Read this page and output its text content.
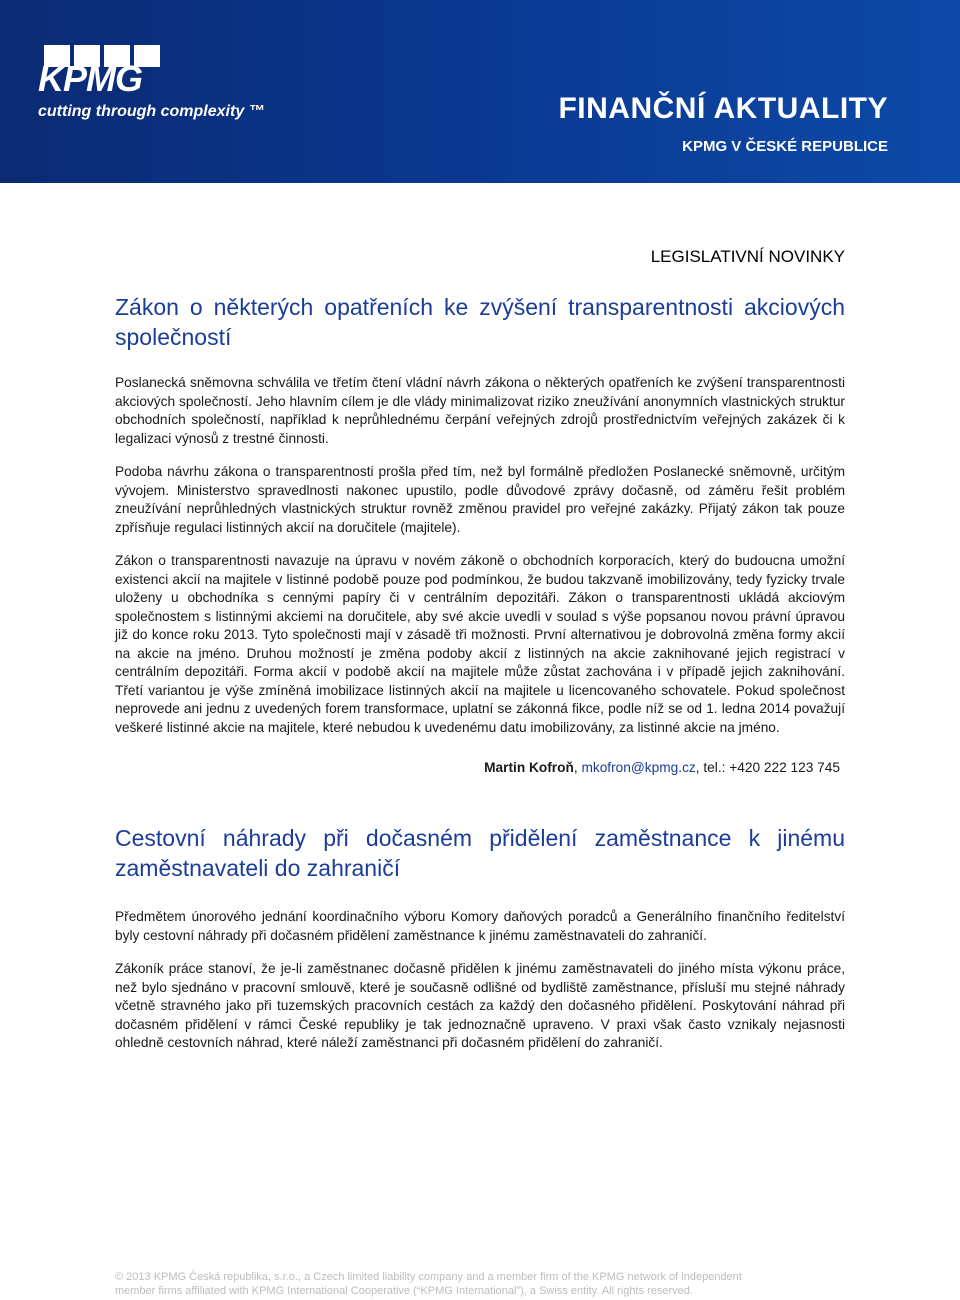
KPMG
cutting through complexity ™	FINANČNÍ AKTUALITY
KPMG V ČESKÉ REPUBLICE
LEGISLATIVNÍ NOVINKY
Zákon o některých opatřeních ke zvýšení transparentnosti akciových společností

Poslanecká sněmovna schválila ve třetím čtení vládní návrh zákona o některých opatřeních ke zvýšení transparentnosti akciových společností. Jeho hlavním cílem je dle vlády minimalizovat riziko zneužívání anonymních vlastnických struktur obchodních společností, například k neprůhlednému čerpání veřejných zdrojů prostřednictvím veřejných zakázek či k legalizaci výnosů z trestné činnosti.

Podoba návrhu zákona o transparentnosti prošla před tím, než byl formálně předložen Poslanecké sněmovně, určitým vývojem. Ministerstvo spravedlnosti nakonec upustilo, podle důvodové zprávy dočasně, od záměru řešit problém zneužívání neprůhledných vlastnických struktur rovněž změnou pravidel pro veřejné zakázky. Přijatý zákon tak pouze zpřísňuje regulaci listinných akcií na doručitele (majitele).

Zákon o transparentnosti navazuje na úpravu v novém zákoně o obchodních korporacích, který do budoucna umožní existenci akcií na majitele v listinné podobě pouze pod podmínkou, že budou takzvaně imobilizovány, tedy fyzicky trvale uloženy u obchodníka s cennými papíry či v centrálním depozitáři. Zákon o transparentnosti ukládá akciovým společnostem s listinnými akciemi na doručitele, aby své akcie uvedli v soulad s výše popsanou novou právní úpravou již do konce roku 2013. Tyto společnosti mají v zásadě tři možnosti. První alternativou je dobrovolná změna formy akcií na akcie na jméno. Druhou možností je změna podoby akcií z listinných na akcie zaknihované jejich registrací v centrálním depozitáři. Forma akcií v podobě akcií na majitele může zůstat zachována i v případě jejich zaknihování. Třetí variantou je výše zmíněná imobilizace listinných akcií na majitele u licencovaného schovatele. Pokud společnost neprovede ani jednu z uvedených forem transformace, uplatní se zákonná fikce, podle níž se od 1. ledna 2014 považují veškeré listinné akcie na majitele, které nebudou k uvedenému datu imobilizovány, za listinné akcie na jméno.

Martin Kofroň, mkofron@kpmg.cz, tel.: +420 222 123 745
Cestovní náhrady při dočasném přidělení zaměstnance k jinému zaměstnavateli do zahraničí

Předmětem únorového jednání koordinačního výboru Komory daňových poradců a Generálního finančního ředitelství byly cestovní náhrady při dočasném přidělení zaměstnance k jinému zaměstnavateli do zahraničí.

Zákoník práce stanoví, že je-li zaměstnanec dočasně přidělen k jinému zaměstnavateli do jiného místa výkonu práce, než bylo sjednáno v pracovní smlouvě, které je současně odlišné od bydliště zaměstnance, přísluší mu stejné náhrady včetně stravného jako při tuzemských pracovních cestách za každý den dočasného přidělení. Poskytování náhrad při dočasném přidělení v rámci České republiky je tak jednoznačně upraveno. V praxi však často vznikaly nejasnosti ohledně cestovních náhrad, které náleží zaměstnanci při dočasném přidělení do zahraničí.

© 2013 KPMG Česká republika, s.r.o., a Czech limited liability company and a member firm of the KPMG network of independent
member firms affiliated with KPMG International Cooperative (“KPMG International”), a Swiss entity. All rights reserved.
